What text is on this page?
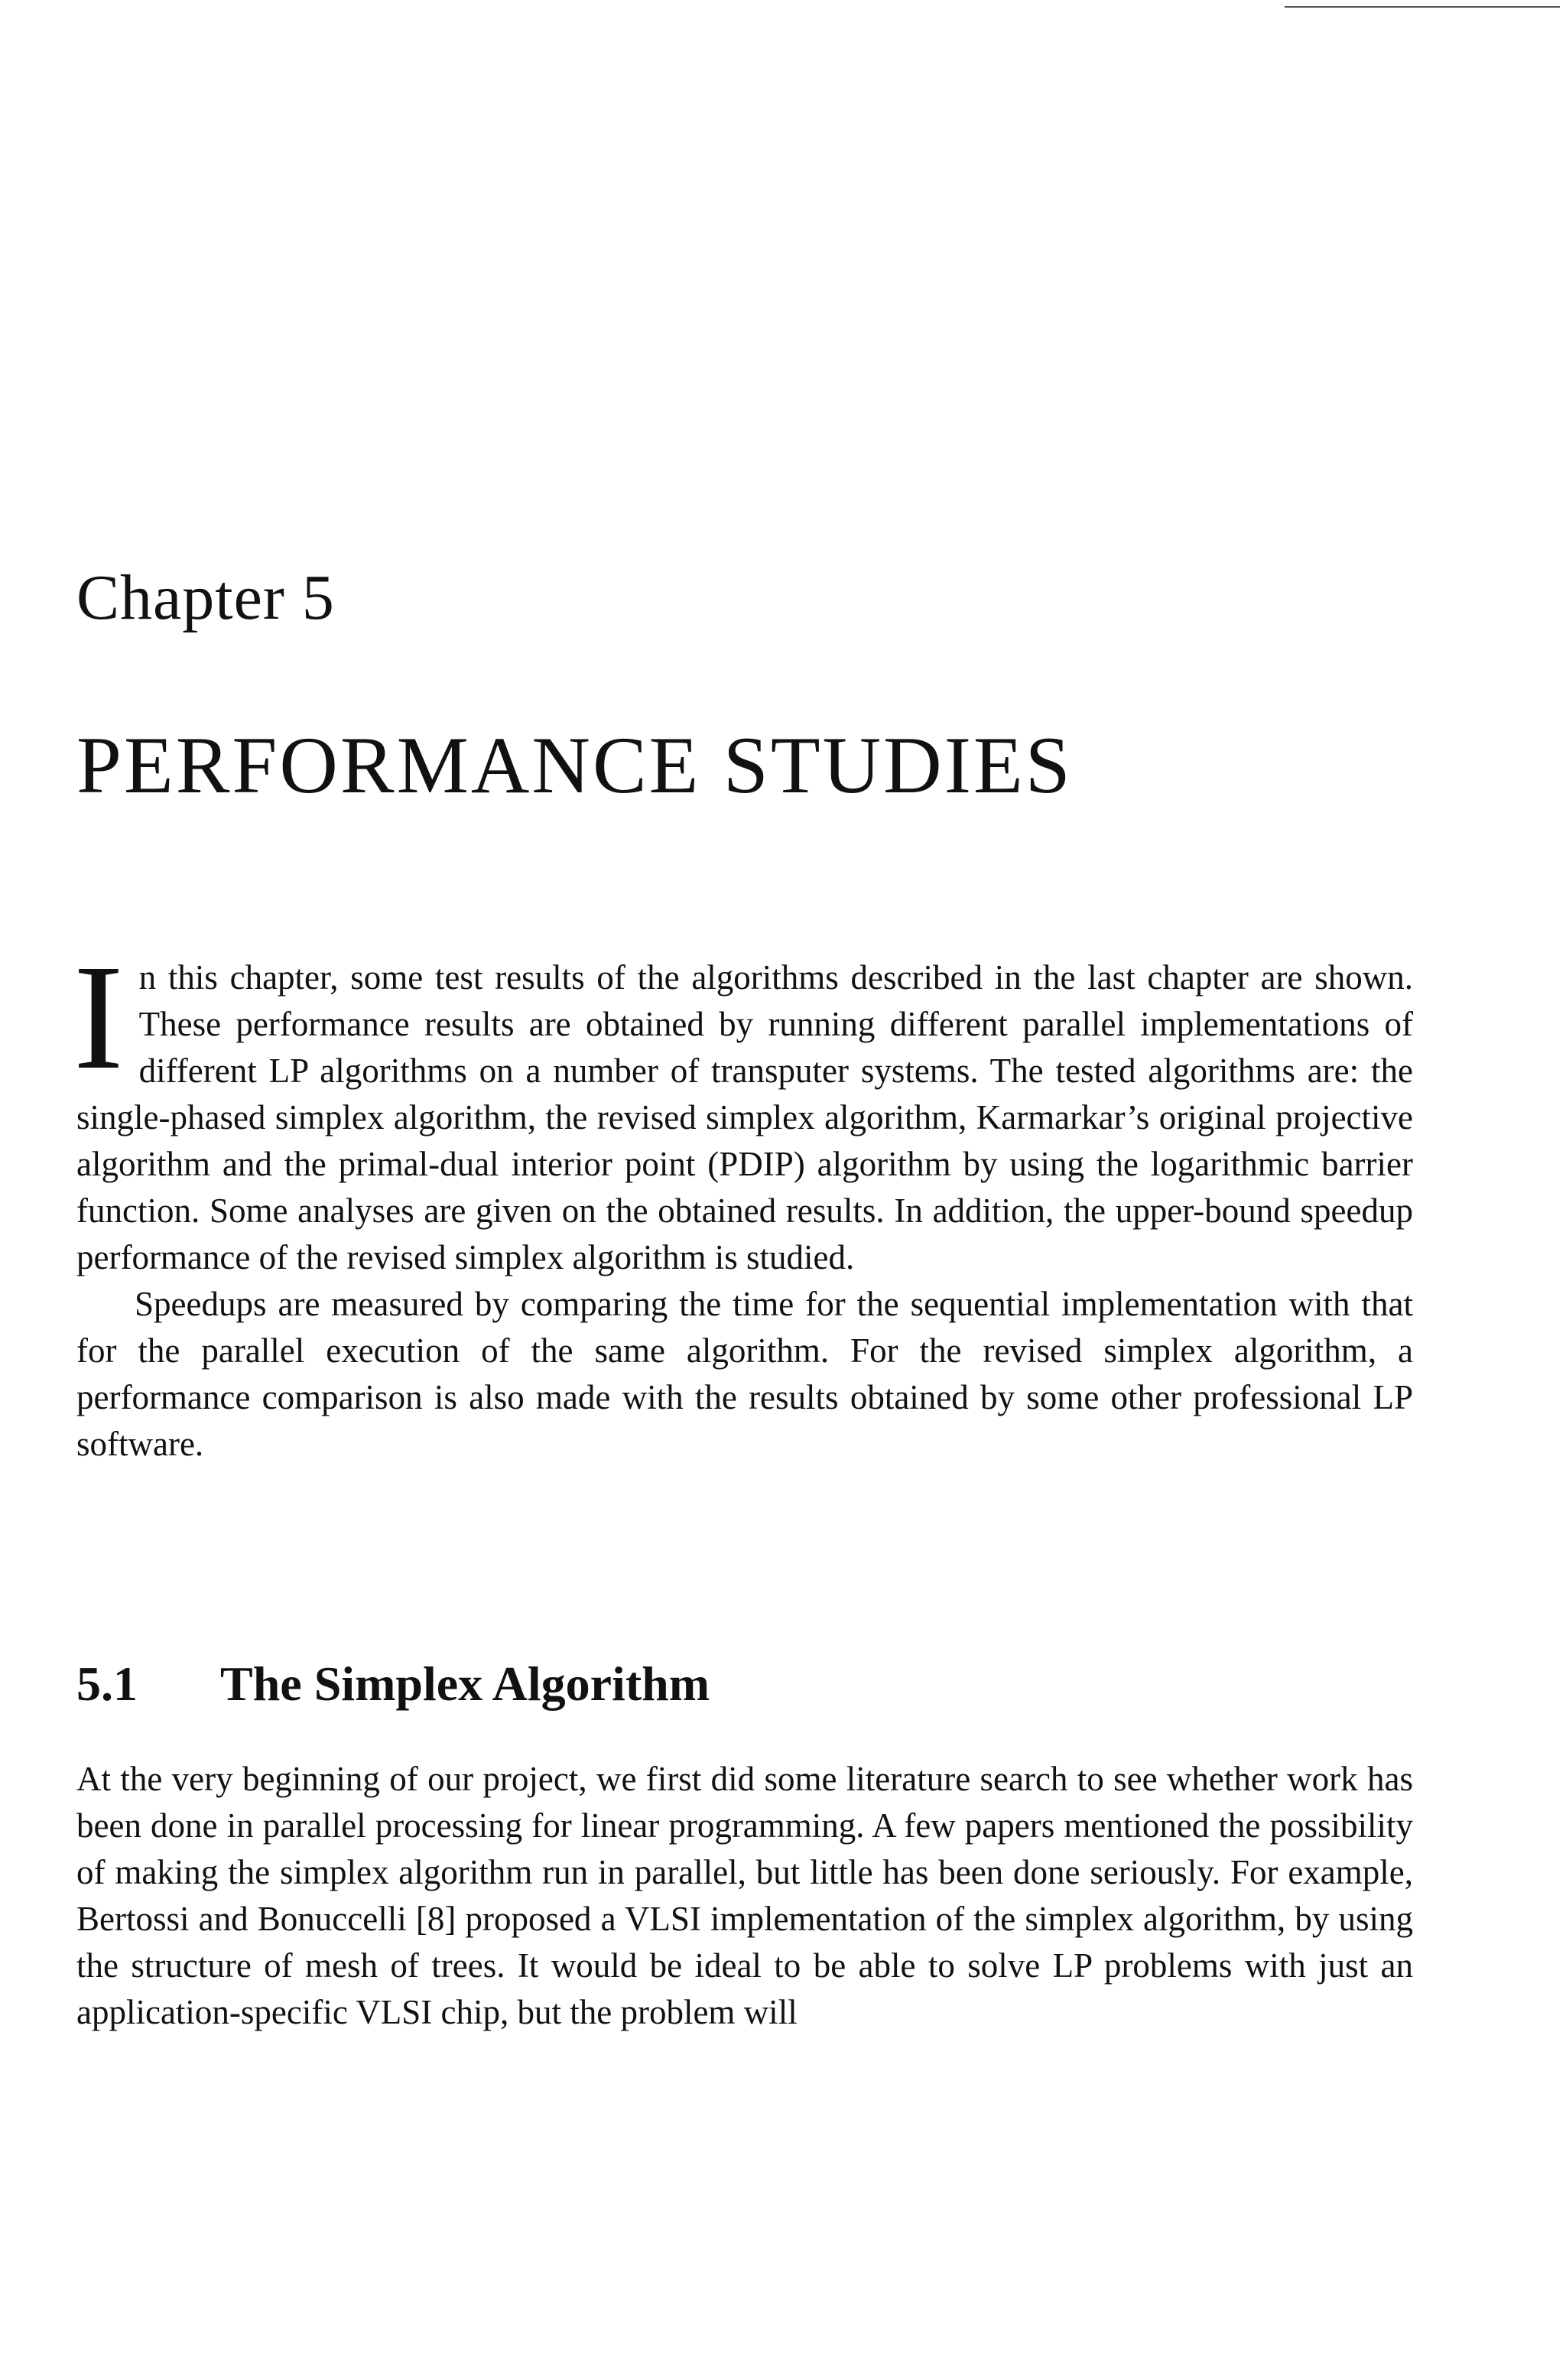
Chapter 5
PERFORMANCE STUDIES

In this chapter, some test results of the algorithms described in the last chapter are shown. These performance results are obtained by running different parallel implementations of different LP algorithms on a number of transputer systems. The tested algorithms are: the single-phased simplex algorithm, the revised simplex algorithm, Karmarkar’s original projective algorithm and the primal-dual interior point (PDIP) algorithm by using the logarithmic barrier function. Some analyses are given on the obtained results. In addition, the upper-bound speedup performance of the revised simplex algorithm is studied.

Speedups are measured by comparing the time for the sequential implementation with that for the parallel execution of the same algorithm. For the revised simplex algorithm, a performance comparison is also made with the results obtained by some other professional LP software.

5.1 The Simplex Algorithm

At the very beginning of our project, we first did some literature search to see whether work has been done in parallel processing for linear programming. A few papers mentioned the possibility of making the simplex algorithm run in parallel, but little has been done seriously. For example, Bertossi and Bonuccelli [8] proposed a VLSI implementation of the simplex algorithm, by using the structure of mesh of trees. It would be ideal to be able to solve LP problems with just an application-specific VLSI chip, but the problem will
